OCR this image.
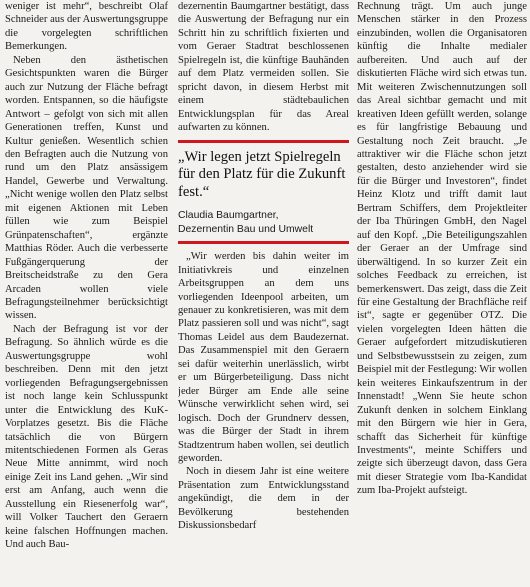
weniger ist mehr“, beschreibt Olaf Schneider aus der Auswertungsgruppe die vorgelegten schriftlichen Bemerkungen.

Neben den ästhetischen Gesichtspunkten waren die Bürger auch zur Nutzung der Fläche befragt worden. Entspannen, so die häufigste Antwort – gefolgt von sich mit allen Generationen treffen, Kunst und Kultur genießen. Wesentlich schien den Befragten auch die Nutzung von rund um den Platz ansässigem Handel, Gewerbe und Verwaltung. „Nicht wenige wollen den Platz selbst mit eigenen Aktionen mit Leben füllen wie zum Beispiel Grünpatenschaften“, ergänzte Matthias Röder. Auch die verbesserte Fußgängerquerung der Breitscheidstraße zu den Gera Arcaden wollen viele Befragungsteilnehmer berücksichtigt wissen.

Nach der Befragung ist vor der Befragung. So ähnlich würde es die Auswertungsgruppe wohl beschreiben. Denn mit den jetzt vorliegenden Befragungsergebnissen ist noch lange kein Schlusspunkt unter die Entwicklung des KuK-Vorplatzes gesetzt. Bis die Fläche tatsächlich die von Bürgern mitentschiedenen Formen als Geras Neue Mitte annimmt, wird noch einige Zeit ins Land gehen. „Wir sind erst am Anfang, auch wenn die Ausstellung ein Riesenerfolg war“, will Volker Tauchert den Geraern keine falschen Hoffnungen machen. Und auch Bau-

dezernentin Baumgartner bestätigt, dass die Auswertung der Befragung nur ein Schritt hin zu schriftlich fixierten und vom Geraer Stadtrat beschlossenen Spielregeln ist, die künftige Bauhänden auf dem Platz vermeiden sollen. Sie spricht davon, in diesem Herbst mit einem städtebaulichen Entwicklungsplan für das Areal aufwarten zu können.

„Wir legen jetzt Spielregeln für den Platz für die Zukunft fest.“
Claudia Baumgartner,
Dezernentin Bau und Umwelt

„Wir werden bis dahin weiter im Initiativkreis und einzelnen Arbeitsgruppen an dem uns vorliegenden Ideenpool arbeiten, um genauer zu konkretisieren, was mit dem Platz passieren soll und was nicht“, sagt Thomas Leidel aus dem Baudezernat. Das Zusammenspiel mit den Geraern sei dafür weiterhin unerlässlich, wirbt er um Bürgerbeteiligung. Dass nicht jeder Bürger am Ende alle seine Wünsche verwirklicht sehen wird, sei logisch. Doch der Grundnerv dessen, was die Bürger der Stadt in ihrem Stadtzentrum haben wollen, sei deutlich geworden.

Noch in diesem Jahr ist eine weitere Präsentation zum Entwicklungsstand angekündigt, die dem in der Bevölkerung bestehenden Diskussionsbedarf

Rechnung trägt. Um auch junge Menschen stärker in den Prozess einzubinden, wollen die Organisatoren künftig die Inhalte medialer aufbereiten. Und auch auf der diskutierten Fläche wird sich etwas tun. Mit weiteren Zwischennutzungen soll das Areal sichtbar gemacht und mit kreativen Ideen gefüllt werden, solange es für langfristige Bebauung und Gestaltung noch Zeit braucht. „Je attraktiver wir die Fläche schon jetzt gestalten, desto anziehender wird sie für die Bürger und Investoren“, findet Heinz Klotz und trifft damit laut Bertram Schiffers, dem Projektleiter der Iba Thüringen GmbH, den Nagel auf den Kopf. „Die Beteiligungszahlen der Geraer an der Umfrage sind überwältigend. In so kurzer Zeit ein solches Feedback zu erreichen, ist bemerkenswert. Das zeigt, dass die Zeit für eine Gestaltung der Brachfläche reif ist“, sagte er gegenüber OTZ. Die vielen vorgelegten Ideen hätten die Geraer aufgefordert mitzudiskutieren und Selbstbewusstsein zu zeigen, zum Beispiel mit der Festlegung: Wir wollen kein weiteres Einkaufszentrum in der Innenstadt! „Wenn Sie heute schon Zukunft denken in solchem Einklang mit den Bürgern wie hier in Gera, schafft das Sicherheit für künftige Investments“, meinte Schiffers und zeigte sich überzeugt davon, dass Gera mit dieser Strategie vom Iba-Kandidat zum Iba-Projekt aufsteigt.
